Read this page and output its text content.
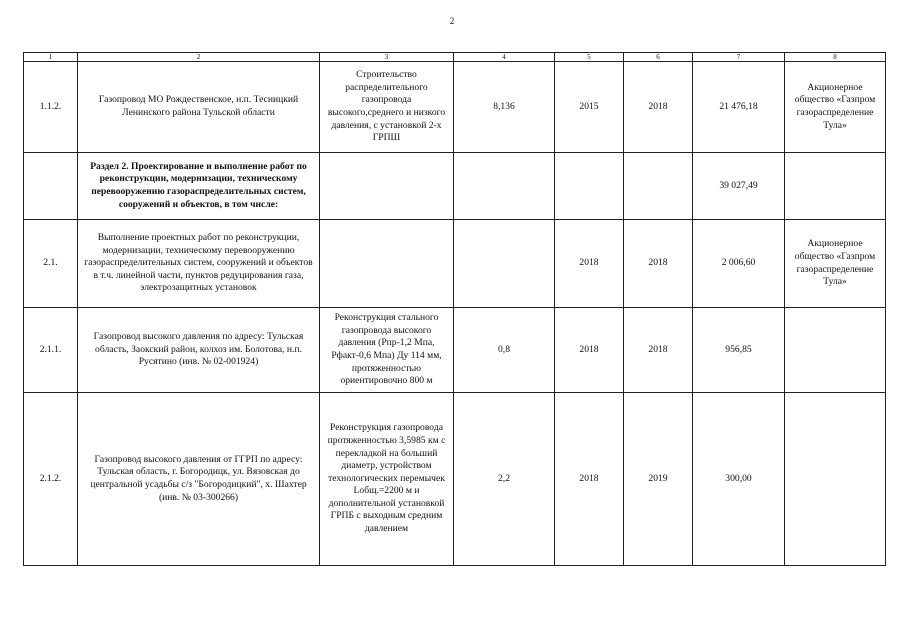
2
1	2	3	4	5	6	7	8
1.1.2.	Газопровод МО Рождественское, н.п. Тесницкий Ленинского района Тульской области	Строительство распределительного газопровода высокого,среднего и низкого давления, с установкой 2-х ГРПШ	8,136	2015	2018	21 476,18	Акционерное общество «Газпром газораспределение Тула»
	Раздел 2. Проектирование и выполнение работ по реконструкции, модернизации, техническому перевооружению газораспределительных систем, сооружений и объектов, в том числе:					39 027,49	
2.1.	Выполнение проектных работ по реконструкции, модернизации, техническому перевооружению газораспределительных систем, сооружений и объектов в т.ч. линейной части, пунктов редуцирования газа, электрозащитных установок			2018	2018	2 006,60	Акционерное общество «Газпром газораспределение Тула»
2.1.1.	Газопровод высокого давления по адресу: Тульская область, Заокский район, колхоз им. Болотова, н.п. Русятино (инв. № 02-001924)	Реконструкция стального газопровода высокого давления (Рпр-1,2 Мпа, Рфакт-0,6 Мпа) Ду 114 мм, протяженностью ориентировочно 800 м	0,8	2018	2018	956,85	
2.1.2.	Газопровод высокого давления от ГГРП по адресу: Тульская область, г. Богородицк, ул. Вязовская до центральной усадьбы с/з "Богородицкий", х. Шахтер (инв. № 03-300266)	Реконструкция газопровода протяженностью 3,5985 км с перекладкой на больший диаметр, устройством технологических перемычек Lобщ.=2200 м и дополнительной установкой ГРПБ с выходным средним давлением	2,2	2018	2019	300,00	
